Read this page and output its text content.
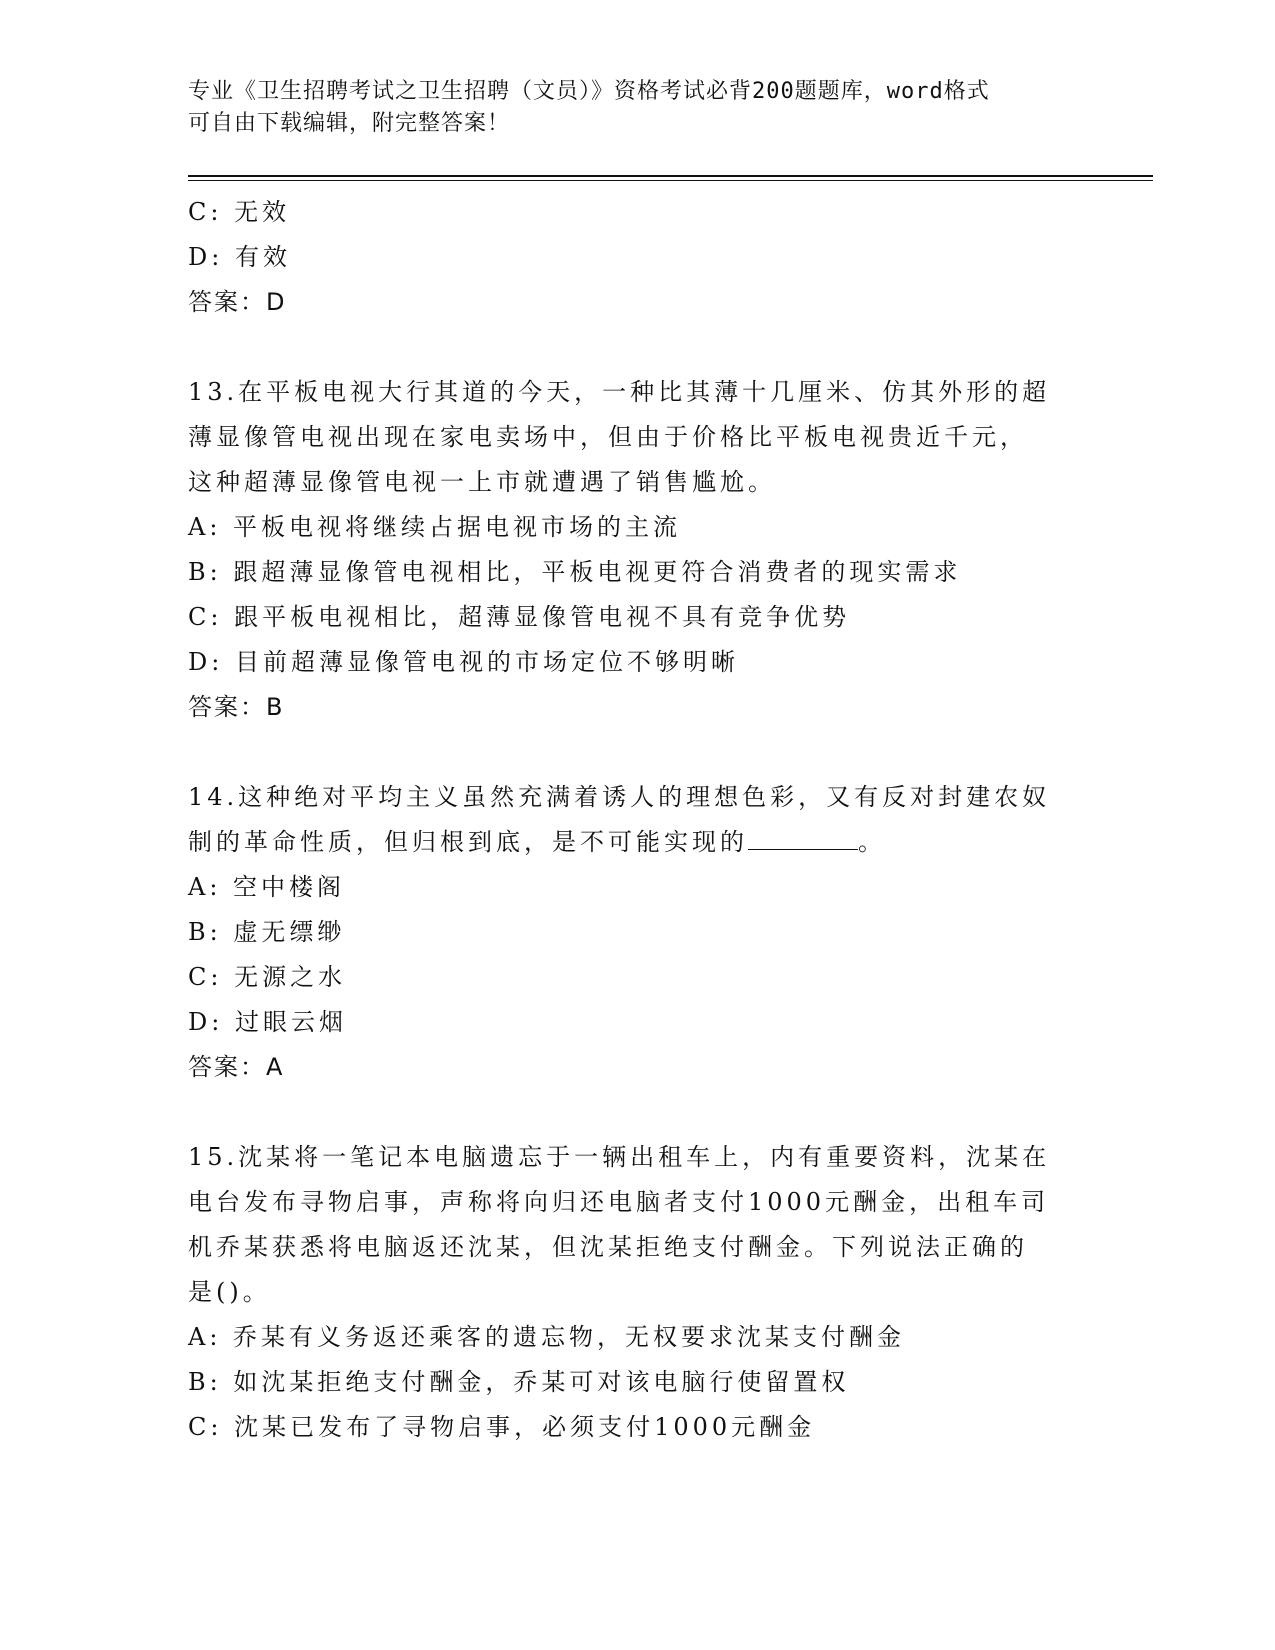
专业《卫生招聘考试之卫生招聘（文员）》资格考试必背200题题库，word格式
可自由下载编辑，附完整答案！
C: 无效
D: 有效
答案：D
13.在平板电视大行其道的今天，一种比其薄十几厘米、仿其外形的超
薄显像管电视出现在家电卖场中，但由于价格比平板电视贵近千元，
这种超薄显像管电视一上市就遭遇了销售尴尬。
A: 平板电视将继续占据电视市场的主流
B: 跟超薄显像管电视相比，平板电视更符合消费者的现实需求
C: 跟平板电视相比，超薄显像管电视不具有竞争优势
D: 目前超薄显像管电视的市场定位不够明晰
答案：B
14.这种绝对平均主义虽然充满着诱人的理想色彩，又有反对封建农奴
制的革命性质，但归根到底，是不可能实现的	。
A: 空中楼阁
B: 虚无缥缈
C: 无源之水
D: 过眼云烟
答案：A
15.沈某将一笔记本电脑遗忘于一辆出租车上，内有重要资料，沈某在
电台发布寻物启事，声称将向归还电脑者支付1000元酬金，出租车司
机乔某获悉将电脑返还沈某，但沈某拒绝支付酬金。下列说法正确的
是()。
A: 乔某有义务返还乘客的遗忘物，无权要求沈某支付酬金
B: 如沈某拒绝支付酬金，乔某可对该电脑行使留置权
C: 沈某已发布了寻物启事，必须支付1000元酬金
